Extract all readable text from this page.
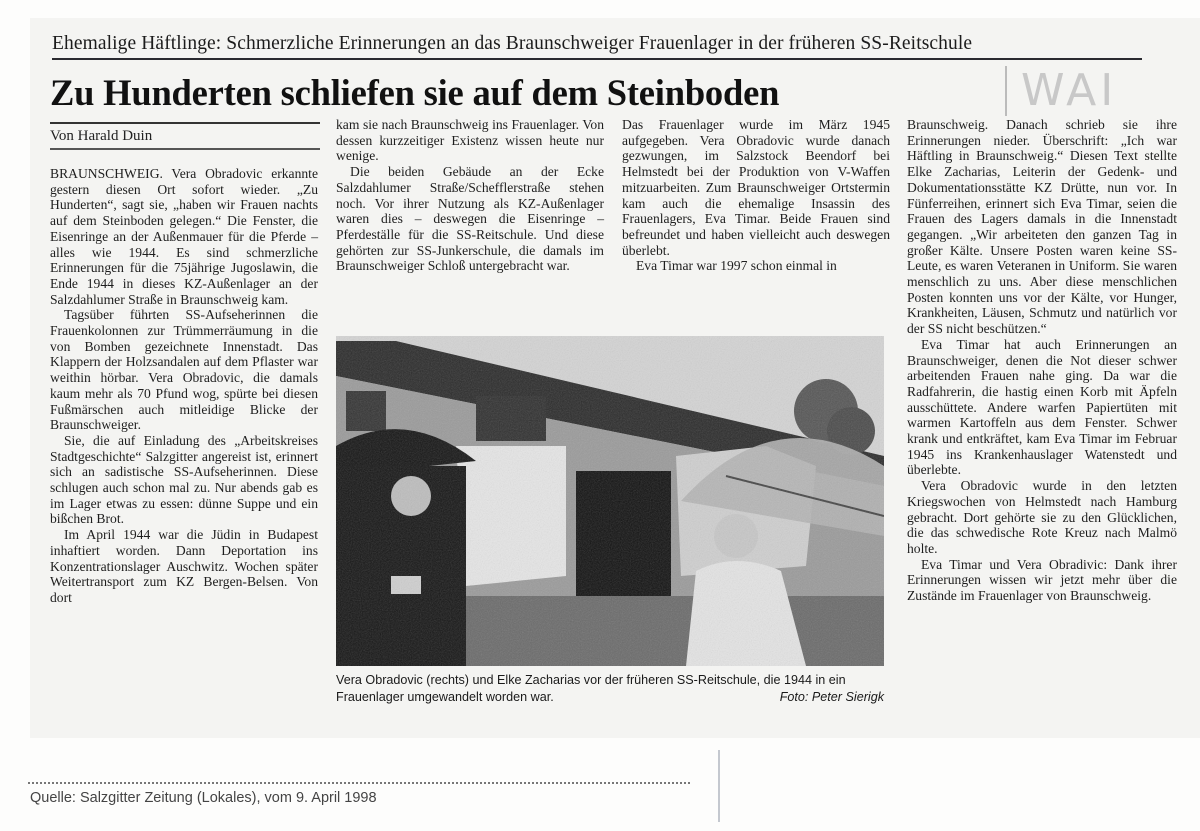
Ehemalige Häftlinge: Schmerzliche Erinnerungen an das Braunschweiger Frauenlager in der früheren SS-Reitschule
Zu Hunderten schliefen sie auf dem Steinboden	WAI
Von Harald Duin

BRAUNSCHWEIG. Vera Obradovic erkannte gestern diesen Ort sofort wieder. „Zu Hunderten“, sagt sie, „haben wir Frauen nachts auf dem Steinboden gelegen.“ Die Fenster, die Eisenringe an der Außenmauer für die Pferde – alles wie 1944. Es sind schmerzliche Erinnerungen für die 75jährige Jugoslawin, die Ende 1944 in dieses KZ-Außenlager an der Salzdahlumer Straße in Braunschweig kam.

Tagsüber führten SS-Aufseherinnen die Frauenkolonnen zur Trümmerräumung in die von Bomben gezeichnete Innenstadt. Das Klappern der Holzsandalen auf dem Pflaster war weithin hörbar. Vera Obradovic, die damals kaum mehr als 70 Pfund wog, spürte bei diesen Fußmärschen auch mitleidige Blicke der Braunschweiger.

Sie, die auf Einladung des „Arbeitskreises Stadtgeschichte“ Salzgitter angereist ist, erinnert sich an sadistische SS-Aufseherinnen. Diese schlugen auch schon mal zu. Nur abends gab es im Lager etwas zu essen: dünne Suppe und ein bißchen Brot.

Im April 1944 war die Jüdin in Budapest inhaftiert worden. Dann Deportation ins Konzentrationslager Auschwitz. Wochen später Weitertransport zum KZ Bergen-Belsen. Von dort

kam sie nach Braunschweig ins Frauenlager. Von dessen kurzzeitiger Existenz wissen heute nur wenige.

Die beiden Gebäude an der Ecke Salzdahlumer Straße/Schefflerstraße stehen noch. Vor ihrer Nutzung als KZ-Außenlager waren dies – deswegen die Eisenringe – Pferdeställe für die SS-Reitschule. Und diese gehörten zur SS-Junkerschule, die damals im Braunschweiger Schloß untergebracht war.

Das Frauenlager wurde im März 1945 aufgegeben. Vera Obradovic wurde danach gezwungen, im Salzstock Beendorf bei Helmstedt bei der Produktion von V-Waffen mitzuarbeiten. Zum Braunschweiger Ortstermin kam auch die ehemalige Insassin des Frauenlagers, Eva Timar. Beide Frauen sind befreundet und haben vielleicht auch deswegen überlebt.

Eva Timar war 1997 schon einmal in

Braunschweig. Danach schrieb sie ihre Erinnerungen nieder. Überschrift: „Ich war Häftling in Braunschweig.“ Diesen Text stellte Elke Zacharias, Leiterin der Gedenk- und Dokumentationsstätte KZ Drütte, nun vor. In Fünferreihen, erinnert sich Eva Timar, seien die Frauen des Lagers damals in die Innenstadt gegangen. „Wir arbeiteten den ganzen Tag in großer Kälte. Unsere Posten waren keine SS-Leute, es waren Veteranen in Uniform. Sie waren menschlich zu uns. Aber diese menschlichen Posten konnten uns vor der Kälte, vor Hunger, Krankheiten, Läusen, Schmutz und natürlich vor der SS nicht beschützen.“

Eva Timar hat auch Erinnerungen an Braunschweiger, denen die Not dieser schwer arbeitenden Frauen nahe ging. Da war die Radfahrerin, die hastig einen Korb mit Äpfeln ausschüttete. Andere warfen Papiertüten mit warmen Kartoffeln aus dem Fenster. Schwer krank und entkräftet, kam Eva Timar im Februar 1945 ins Krankenhauslager Watenstedt und überlebte.

Vera Obradovic wurde in den letzten Kriegswochen von Helmstedt nach Hamburg gebracht. Dort gehörte sie zu den Glücklichen, die das schwedische Rote Kreuz nach Malmö holte.

Eva Timar und Vera Obradivic: Dank ihrer Erinnerungen wissen wir jetzt mehr über die Zustände im Frauenlager von Braunschweig.

Vera Obradovic (rechts) und Elke Zacharias vor der früheren SS-Reitschule, die 1944 in ein Frauenlager umgewandelt worden war.	Foto: Peter Sierigk
Quelle: Salzgitter Zeitung (Lokales), vom 9. April 1998
